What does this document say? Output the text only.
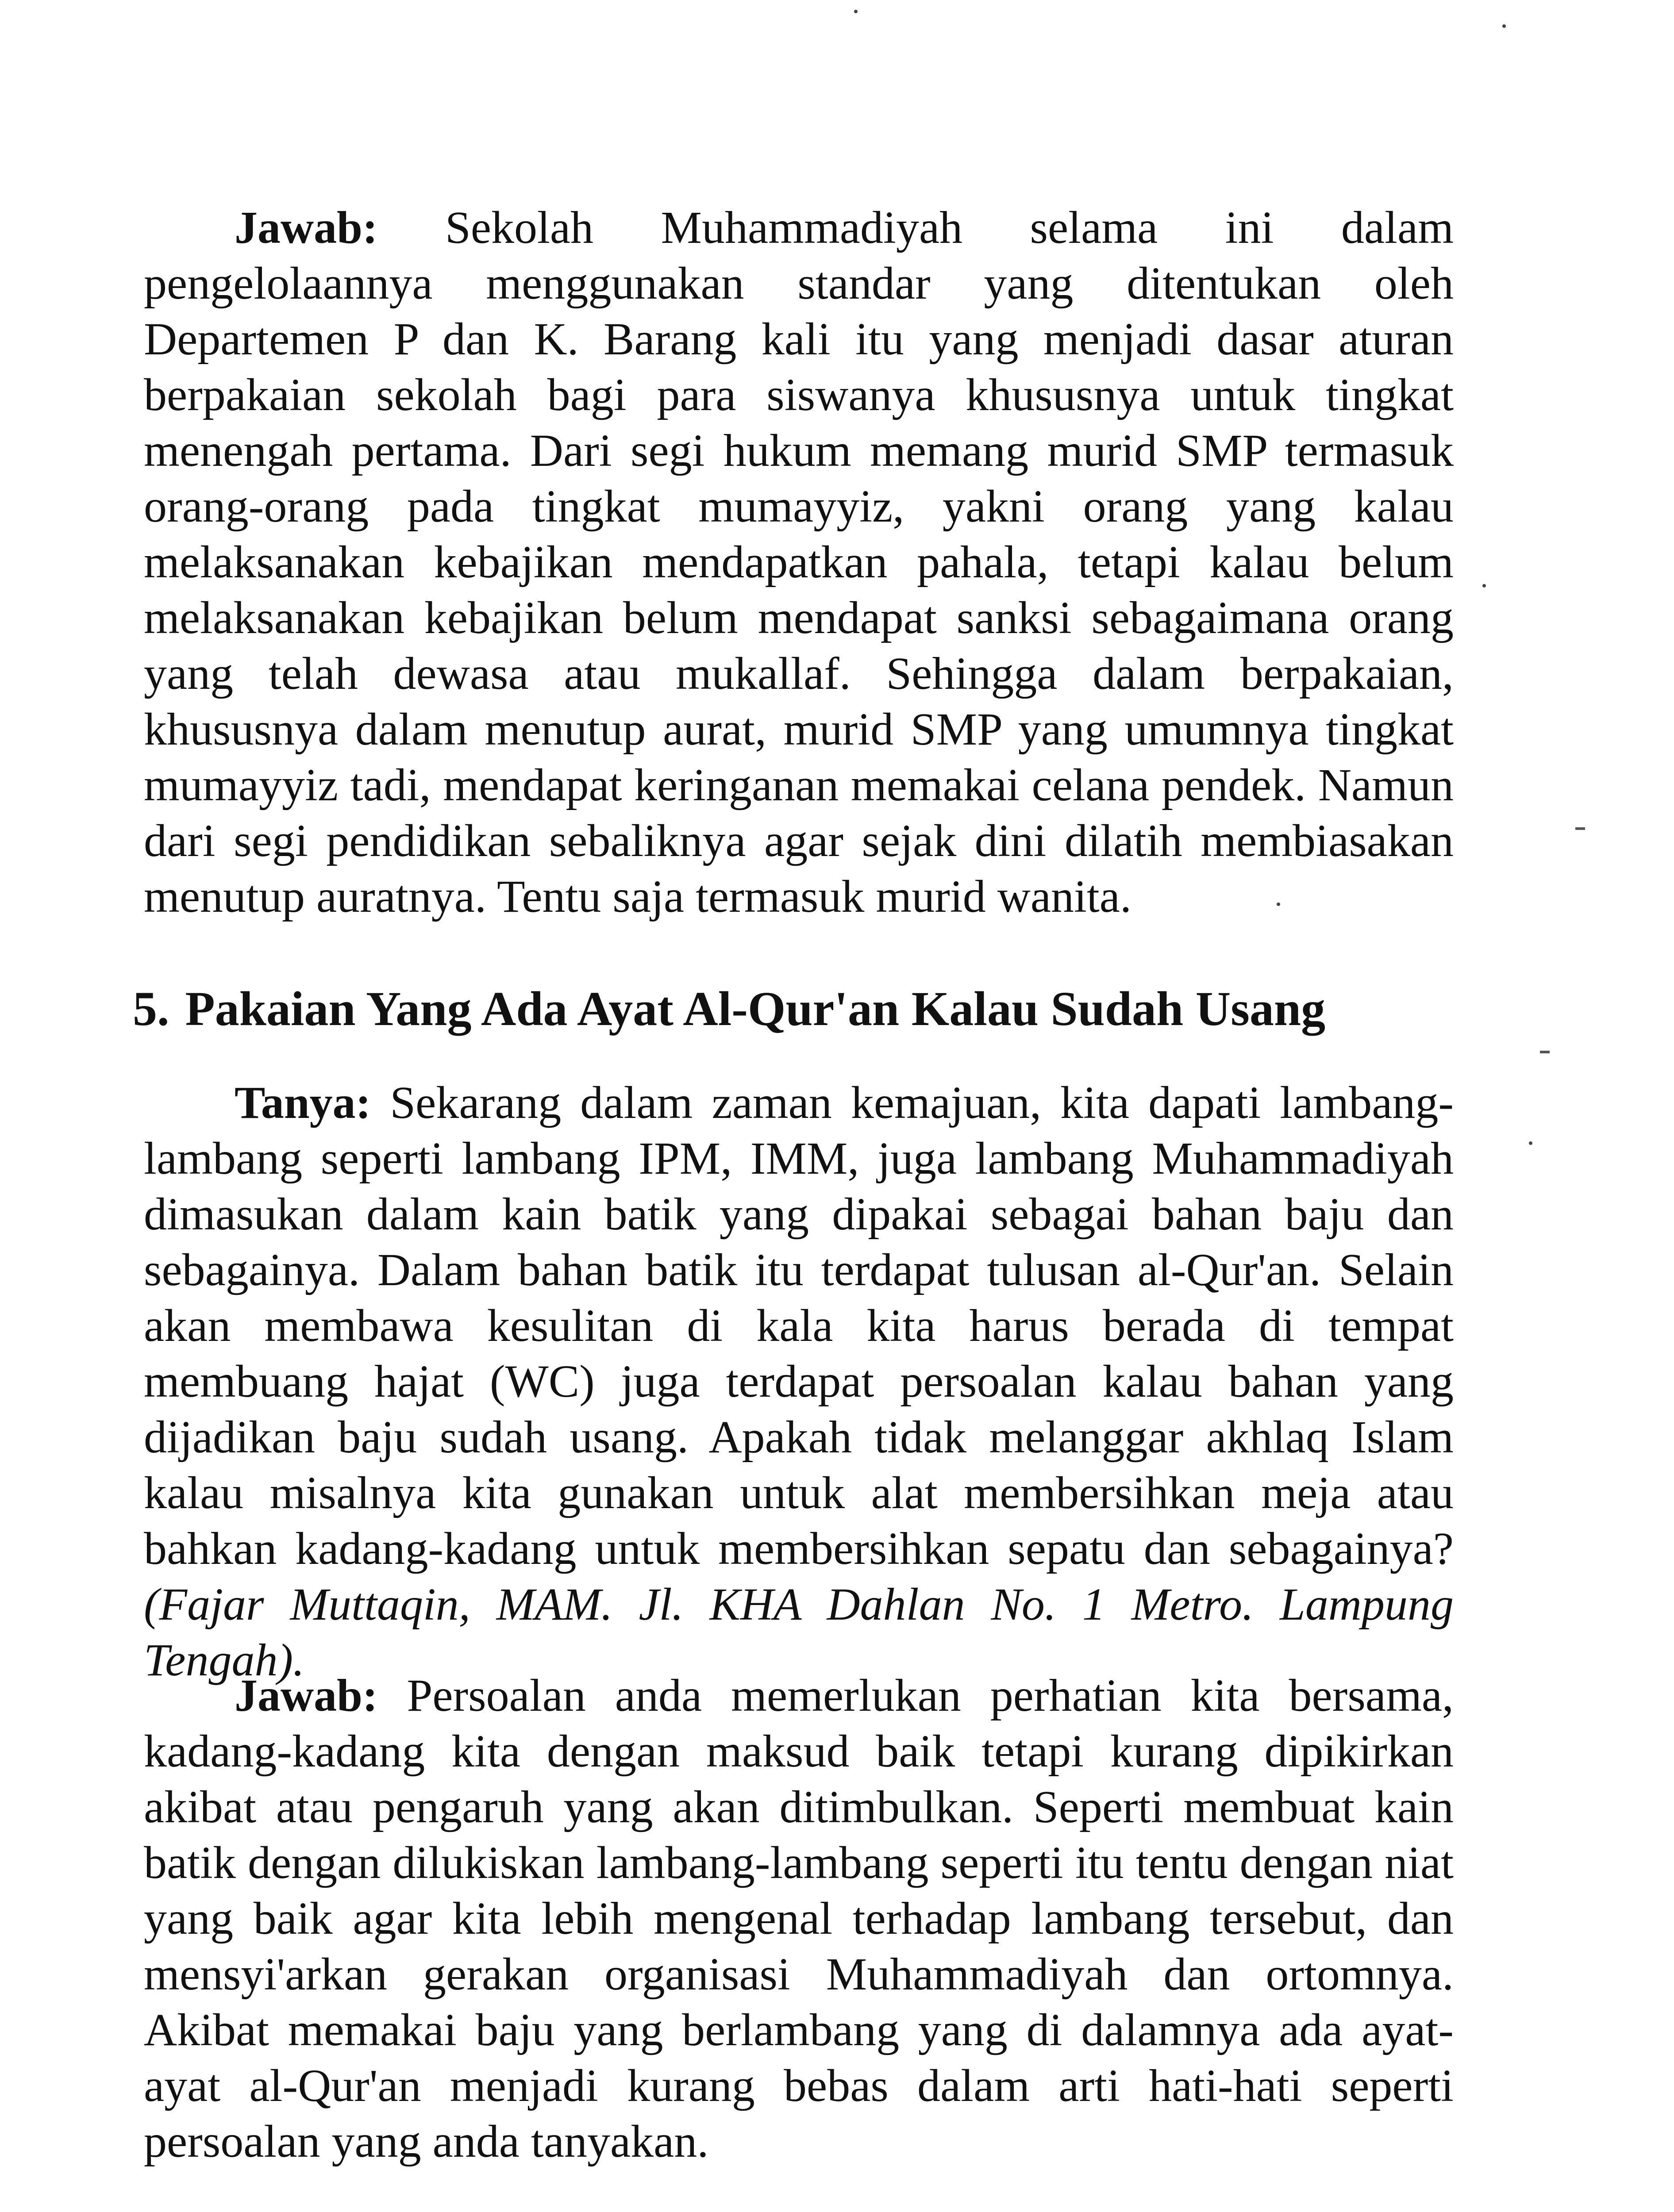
Jawab: Sekolah Muhammadiyah selama ini dalam pengelolaannya menggunakan standar yang ditentukan oleh Departemen P dan K. Barang kali itu yang menjadi dasar aturan berpakaian sekolah bagi para siswanya khususnya untuk tingkat menengah pertama. Dari segi hukum memang murid SMP termasuk orang-orang pada tingkat mumayyiz, yakni orang yang kalau melaksanakan kebajikan mendapatkan pahala, tetapi kalau belum melaksanakan kebajikan belum mendapat sanksi sebagaimana orang yang telah dewasa atau mukallaf. Sehingga dalam berpakaian, khususnya dalam menutup aurat, murid SMP yang umumnya tingkat mumayyiz tadi, mendapat keringanan memakai celana pendek. Namun dari segi pendidikan sebaliknya agar sejak dini dilatih membiasakan menutup auratnya. Tentu saja termasuk murid wanita.

5. Pakaian Yang Ada Ayat Al-Qur'an Kalau Sudah Usang

Tanya: Sekarang dalam zaman kemajuan, kita dapati lambang-lambang seperti lambang IPM, IMM, juga lambang Muhammadiyah dimasukan dalam kain batik yang dipakai sebagai bahan baju dan sebagainya. Dalam bahan batik itu terdapat tulusan al-Qur'an. Selain akan membawa kesulitan di kala kita harus berada di tempat membuang hajat (WC) juga terdapat persoalan kalau bahan yang dijadikan baju sudah usang. Apakah tidak melanggar akhlaq Islam kalau misalnya kita gunakan untuk alat membersihkan meja atau bahkan kadang-kadang untuk membersihkan sepatu dan sebagainya? (Fajar Muttaqin, MAM. Jl. KHA Dahlan No. 1 Metro. Lampung Tengah).

Jawab: Persoalan anda memerlukan perhatian kita bersama, kadang-kadang kita dengan maksud baik tetapi kurang dipikirkan akibat atau pengaruh yang akan ditimbulkan. Seperti membuat kain batik dengan dilukiskan lambang-lambang seperti itu tentu dengan niat yang baik agar kita lebih mengenal terhadap lambang tersebut, dan mensyi'arkan gerakan organisasi Muhammadiyah dan ortomnya. Akibat memakai baju yang berlambang yang di dalamnya ada ayat-ayat al-Qur'an menjadi kurang bebas dalam arti hati-hati seperti persoalan yang anda tanyakan.
